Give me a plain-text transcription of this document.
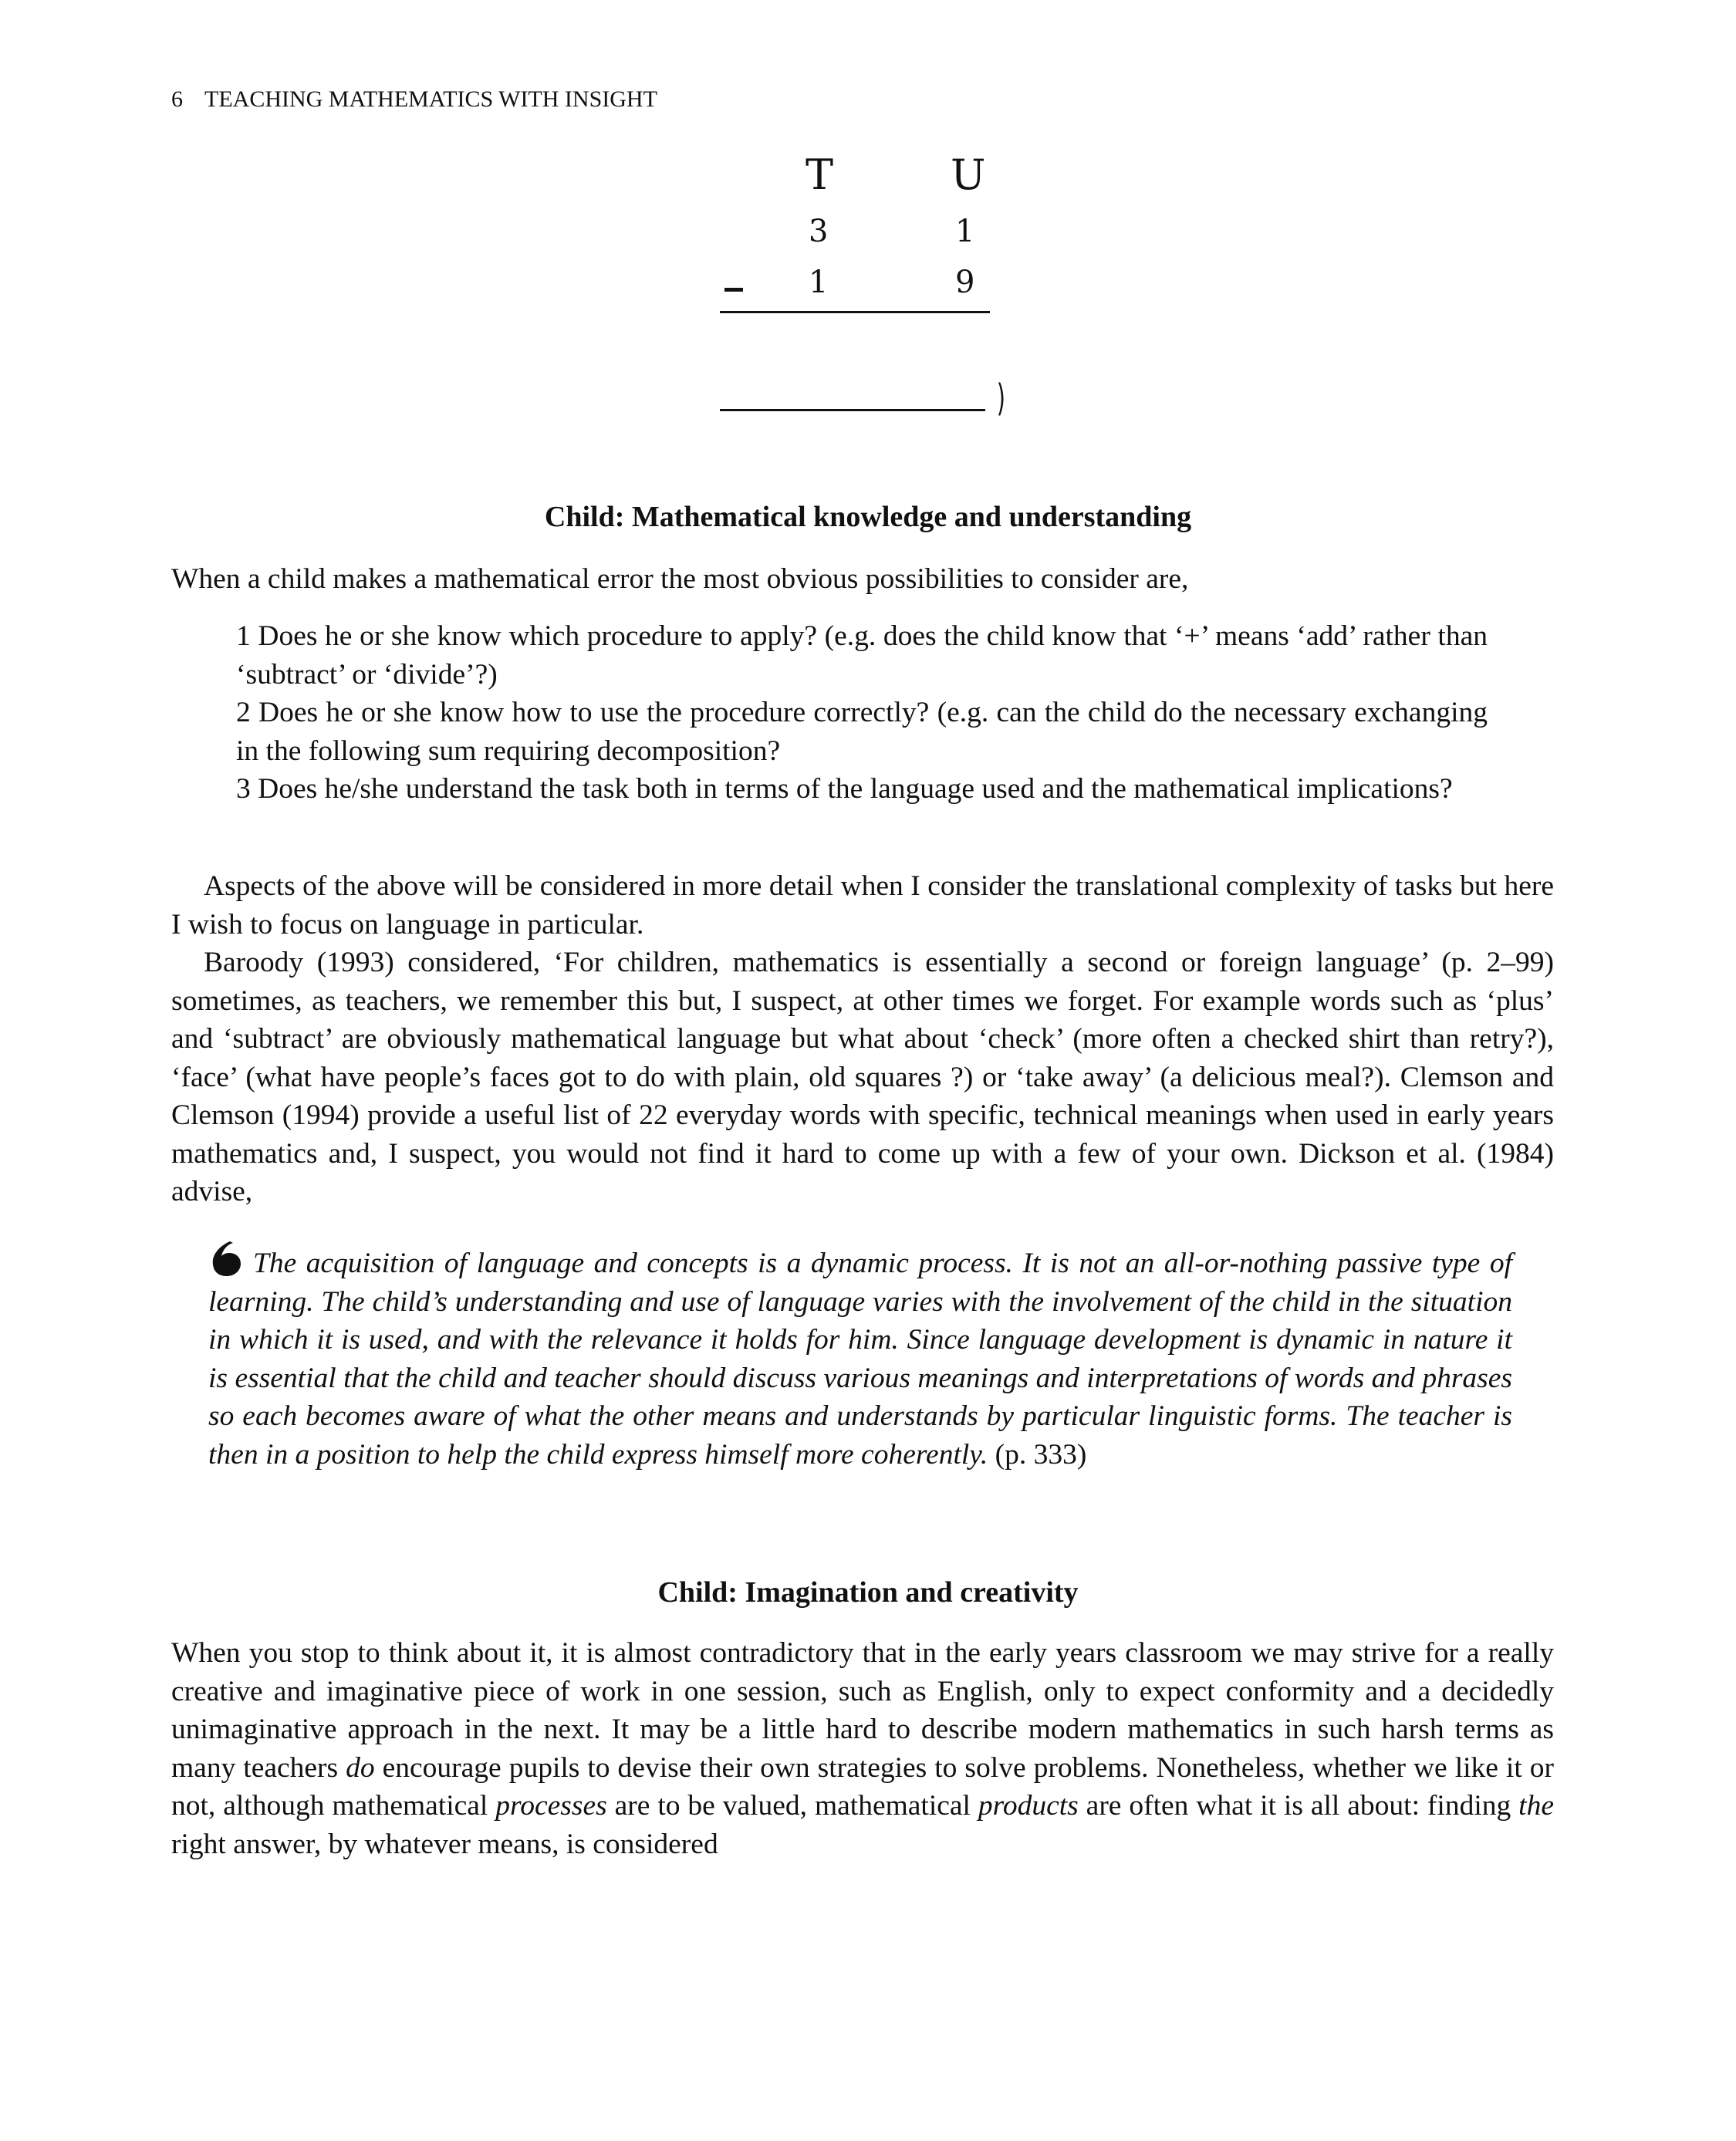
6 TEACHING MATHEMATICS WITH INSIGHT
T	U
3	1
1	9
)
Child: Mathematical knowledge and understanding

When a child makes a mathematical error the most obvious possibilities to consider are,

1 Does he or she know which procedure to apply? (e.g. does the child know that ‘+’ means ‘add’ rather than ‘subtract’ or ‘divide’?)
2 Does he or she know how to use the procedure correctly? (e.g. can the child do the necessary exchanging in the following sum requiring decomposition?
3 Does he/she understand the task both in terms of the language used and the mathematical implications?

Aspects of the above will be considered in more detail when I consider the translational complexity of tasks but here I wish to focus on language in particular.

Baroody (1993) considered, ‘For children, mathematics is essentially a second or foreign language’ (p. 2–99) sometimes, as teachers, we remember this but, I suspect, at other times we forget. For example words such as ‘plus’ and ‘subtract’ are obviously mathematical language but what about ‘check’ (more often a checked shirt than retry?), ‘face’ (what have people’s faces got to do with plain, old squares ?) or ‘take away’ (a delicious meal?). Clemson and Clemson (1994) provide a useful list of 22 everyday words with specific, technical meanings when used in early years mathematics and, I suspect, you would not find it hard to come up with a few of your own. Dickson et al. (1984) advise,

The acquisition of language and concepts is a dynamic process. It is not an all-or-nothing passive type of learning. The child’s understanding and use of language varies with the involvement of the child in the situation in which it is used, and with the relevance it holds for him. Since language development is dynamic in nature it is essential that the child and teacher should discuss various meanings and interpretations of words and phrases so each becomes aware of what the other means and understands by particular linguistic forms. The teacher is then in a position to help the child express himself more coherently. (p. 333)

Child: Imagination and creativity

When you stop to think about it, it is almost contradictory that in the early years classroom we may strive for a really creative and imaginative piece of work in one session, such as English, only to expect conformity and a decidedly unimaginative approach in the next. It may be a little hard to describe modern mathematics in such harsh terms as many teachers do encourage pupils to devise their own strategies to solve problems. Nonetheless, whether we like it or not, although mathematical processes are to be valued, mathematical products are often what it is all about: finding the right answer, by whatever means, is considered
